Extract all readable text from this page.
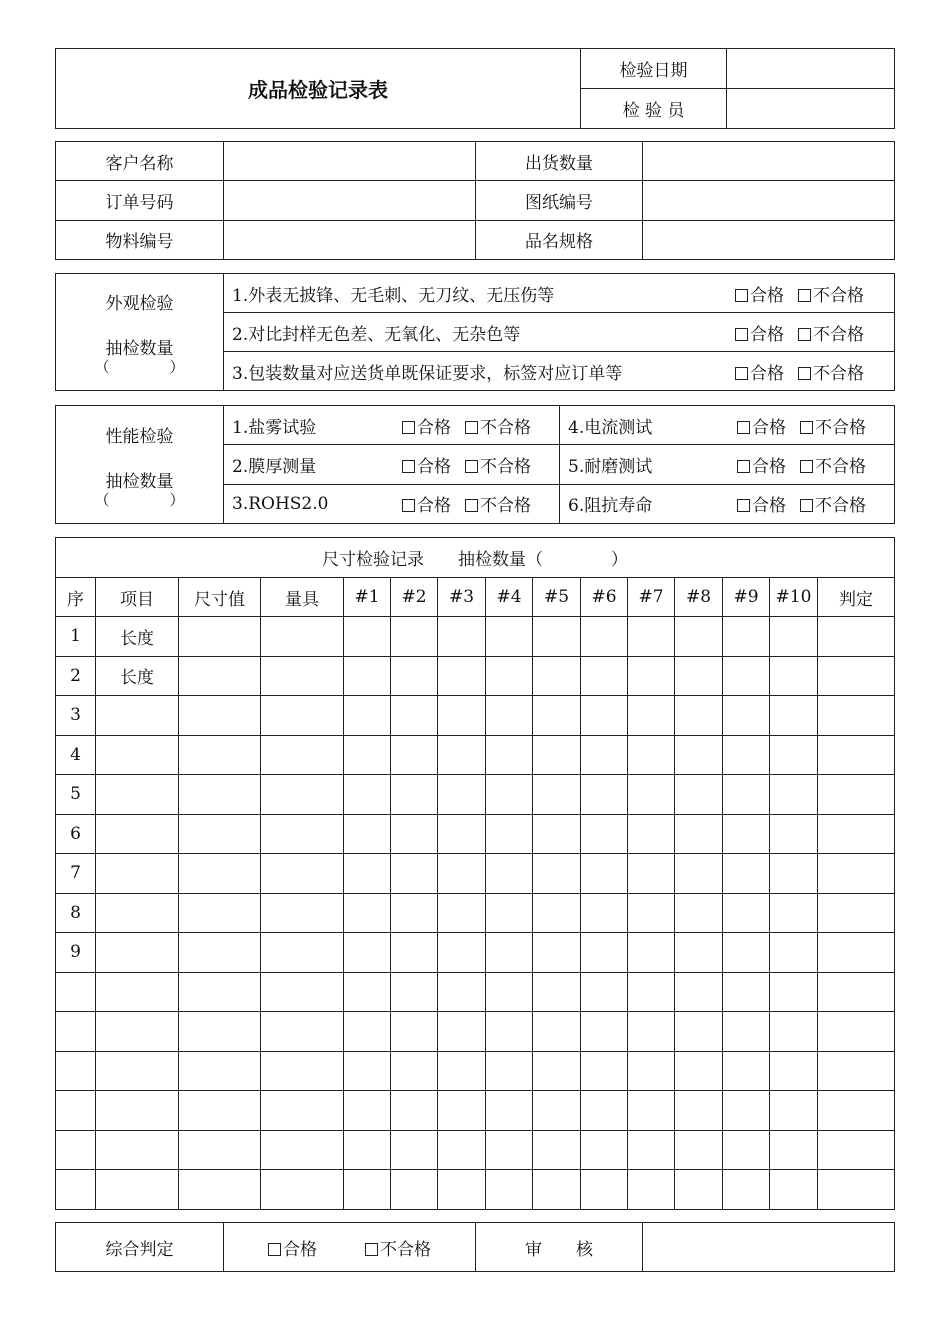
成品检验记录表	检验日期	
	检 验 员	
客户名称		出货数量	
订单号码		图纸编号	
物料编号		品名规格	
外观检验
抽检数量
（　　　　）	1.外表无披锋、无毛刺、无刀纹、无压伤等	合格 不合格
	2.对比封样无色差、无氧化、无杂色等	合格 不合格
	3.包装数量对应送货单既保证要求，标签对应订单等	合格 不合格
性能检验
抽检数量
（　　　　）	1.盐雾试验 合格 不合格	4.电流测试 合格 不合格

	2.膜厚测量 合格 不合格	5.耐磨测试 合格 不合格

	3.ROHS2.0 合格 不合格	6.阻抗寿命 合格 不合格
尺寸检验记录　　抽检数量（　　　　）														
序	项目	尺寸值	量具	#1	#2	#3	#4	#5	#6	#7	#8	#9	#10	判定
1	长度													
2	长度													
3														
4														
5														
6														
7														
8														
9														

综合判定	合格	不合格	审　　核	
